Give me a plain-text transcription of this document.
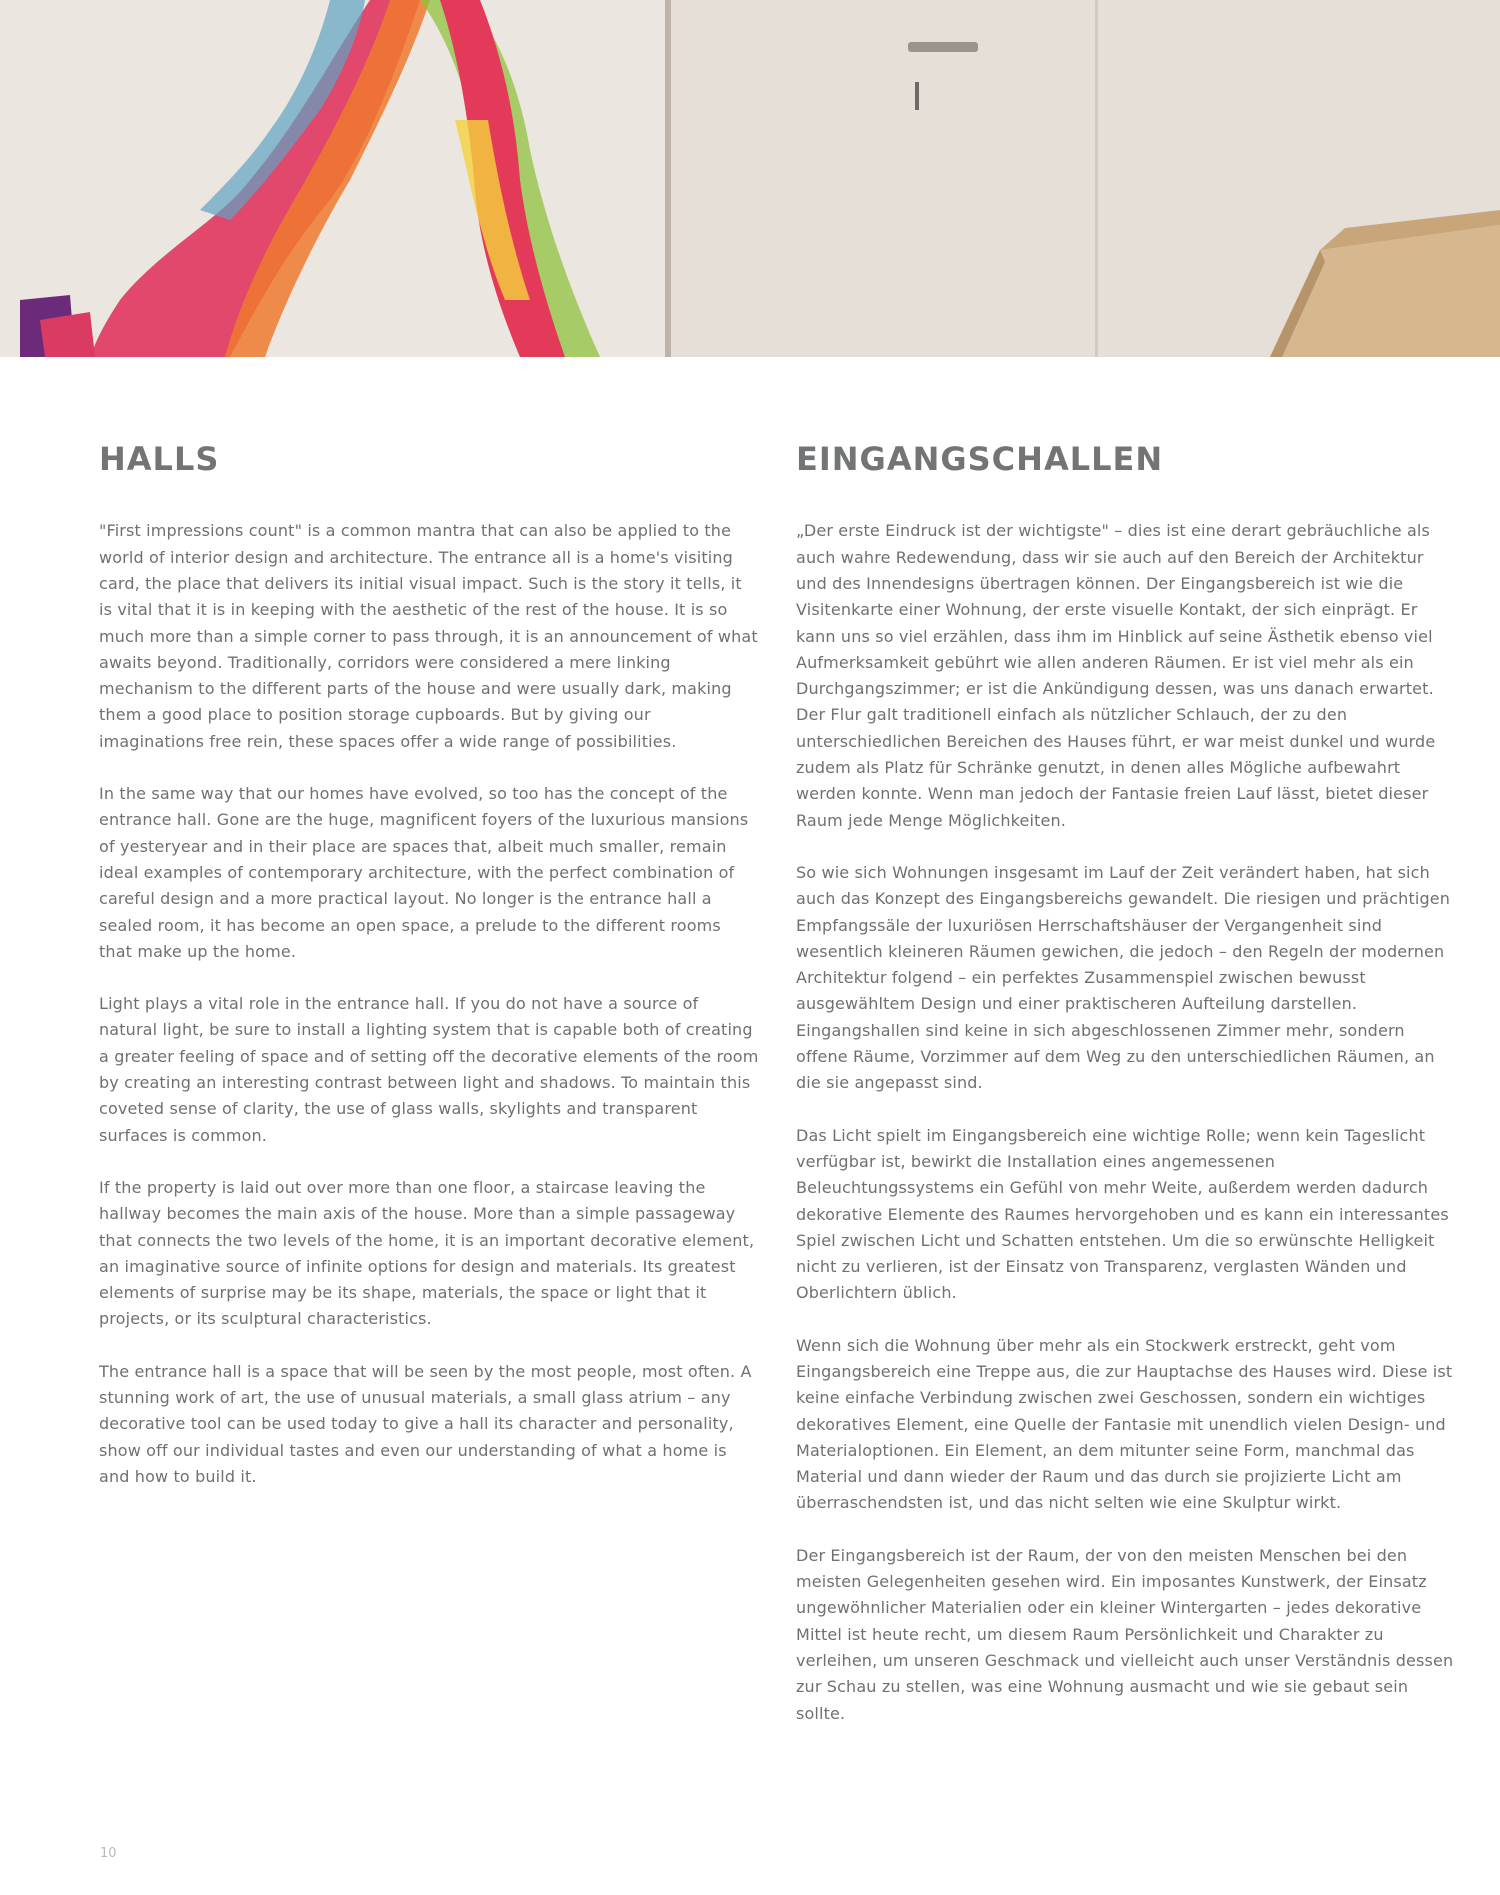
HALLS

"First impressions count" is a common mantra that can also be applied to the world of interior design and architecture. The entrance all is a home's visiting card, the place that delivers its initial visual impact. Such is the story it tells, it is vital that it is in keeping with the aesthetic of the rest of the house. It is so much more than a simple corner to pass through, it is an announcement of what awaits beyond. Traditionally, corridors were considered a mere linking mechanism to the different parts of the house and were usually dark, making them a good place to position storage cupboards. But by giving our imaginations free rein, these spaces offer a wide range of possibilities.

In the same way that our homes have evolved, so too has the concept of the entrance hall. Gone are the huge, magnificent foyers of the luxurious mansions of yesteryear and in their place are spaces that, albeit much smaller, remain ideal examples of contemporary architecture, with the perfect combination of careful design and a more practical layout. No longer is the entrance hall a sealed room, it has become an open space, a prelude to the different rooms that make up the home.

Light plays a vital role in the entrance hall. If you do not have a source of natural light, be sure to install a lighting system that is capable both of creating a greater feeling of space and of setting off the decorative elements of the room by creating an interesting contrast between light and shadows. To maintain this coveted sense of clarity, the use of glass walls, skylights and transparent surfaces is common.

If the property is laid out over more than one floor, a staircase leaving the hallway becomes the main axis of the house. More than a simple passageway that connects the two levels of the home, it is an important decorative element, an imaginative source of infinite options for design and materials. Its greatest elements of surprise may be its shape, materials, the space or light that it projects, or its sculptural characteristics.

The entrance hall is a space that will be seen by the most people, most often. A stunning work of art, the use of unusual materials, a small glass atrium – any decorative tool can be used today to give a hall its character and personality, show off our individual tastes and even our understanding of what a home is and how to build it.

EINGANGSCHALLEN

„Der erste Eindruck ist der wichtigste" – dies ist eine derart gebräuchliche als auch wahre Redewendung, dass wir sie auch auf den Bereich der Architektur und des Innendesigns übertragen können. Der Eingangsbereich ist wie die Visitenkarte einer Wohnung, der erste visuelle Kontakt, der sich einprägt. Er kann uns so viel erzählen, dass ihm im Hinblick auf seine Ästhetik ebenso viel Aufmerksamkeit gebührt wie allen anderen Räumen. Er ist viel mehr als ein Durchgangszimmer; er ist die Ankündigung dessen, was uns danach erwartet. Der Flur galt traditionell einfach als nützlicher Schlauch, der zu den unterschiedlichen Bereichen des Hauses führt, er war meist dunkel und wurde zudem als Platz für Schränke genutzt, in denen alles Mögliche aufbewahrt werden konnte. Wenn man jedoch der Fantasie freien Lauf lässt, bietet dieser Raum jede Menge Möglichkeiten.

So wie sich Wohnungen insgesamt im Lauf der Zeit verändert haben, hat sich auch das Konzept des Eingangsbereichs gewandelt. Die riesigen und prächtigen Empfangssäle der luxuriösen Herrschaftshäuser der Vergangenheit sind wesentlich kleineren Räumen gewichen, die jedoch – den Regeln der modernen Architektur folgend – ein perfektes Zusammenspiel zwischen bewusst ausgewähltem Design und einer praktischeren Aufteilung darstellen. Eingangshallen sind keine in sich abgeschlossenen Zimmer mehr, sondern offene Räume, Vorzimmer auf dem Weg zu den unterschiedlichen Räumen, an die sie angepasst sind.

Das Licht spielt im Eingangsbereich eine wichtige Rolle; wenn kein Tageslicht verfügbar ist, bewirkt die Installation eines angemessenen Beleuchtungssystems ein Gefühl von mehr Weite, außerdem werden dadurch dekorative Elemente des Raumes hervorgehoben und es kann ein interessantes Spiel zwischen Licht und Schatten entstehen. Um die so erwünschte Helligkeit nicht zu verlieren, ist der Einsatz von Transparenz, verglasten Wänden und Oberlichtern üblich.

Wenn sich die Wohnung über mehr als ein Stockwerk erstreckt, geht vom Eingangsbereich eine Treppe aus, die zur Hauptachse des Hauses wird. Diese ist keine einfache Verbindung zwischen zwei Geschossen, sondern ein wichtiges dekoratives Element, eine Quelle der Fantasie mit unendlich vielen Design- und Materialoptionen. Ein Element, an dem mitunter seine Form, manchmal das Material und dann wieder der Raum und das durch sie projizierte Licht am überraschendsten ist, und das nicht selten wie eine Skulptur wirkt.

Der Eingangsbereich ist der Raum, der von den meisten Menschen bei den meisten Gelegenheiten gesehen wird. Ein imposantes Kunstwerk, der Einsatz ungewöhnlicher Materialien oder ein kleiner Wintergarten – jedes dekorative Mittel ist heute recht, um diesem Raum Persönlichkeit und Charakter zu verleihen, um unseren Geschmack und vielleicht auch unser Verständnis dessen zur Schau zu stellen, was eine Wohnung ausmacht und wie sie gebaut sein sollte.

10
